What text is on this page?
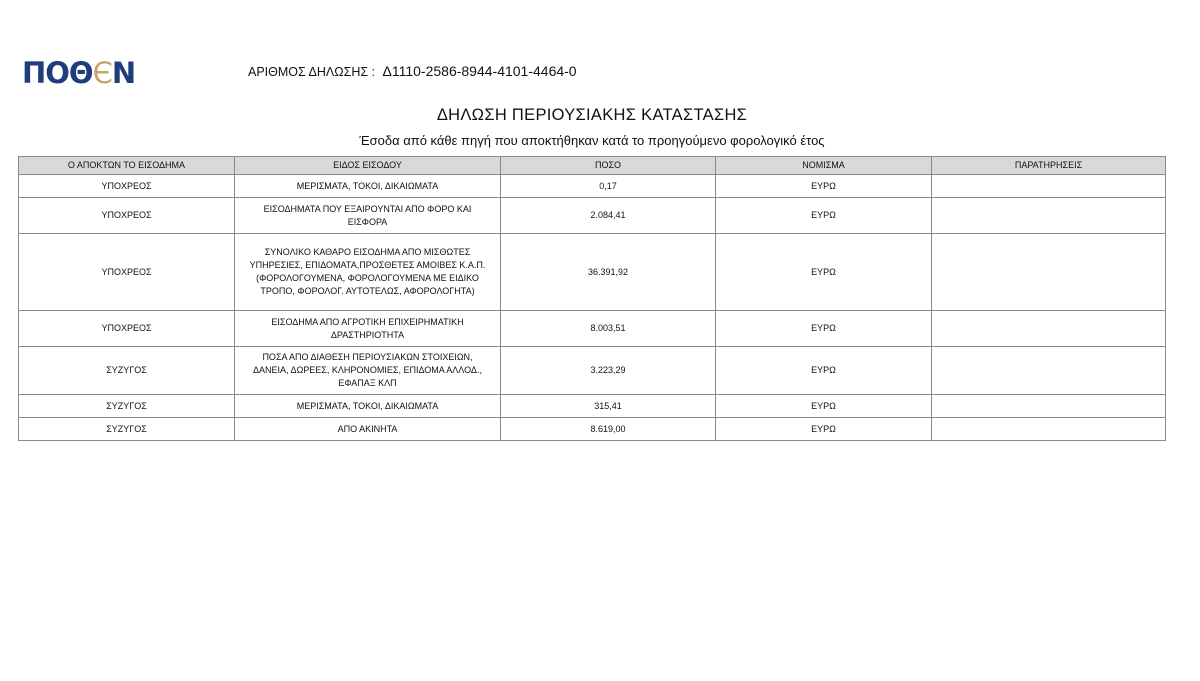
ΠΟΘЄΝ	ΑΡΙΘΜΟΣ ΔΗΛΩΣΗΣ : Δ1110-2586-8944-4101-4464-0
ΔΗΛΩΣΗ ΠΕΡΙΟΥΣΙΑΚΗΣ ΚΑΤΑΣΤΑΣΗΣ
Έσοδα από κάθε πηγή που αποκτήθηκαν κατά το προηγούμενο φορολογικό έτος
Ο ΑΠΟΚΤΩΝ ΤΟ ΕΙΣΟΔΗΜΑ	ΕΙΔΟΣ ΕΙΣΟΔΟΥ	ΠΟΣΟ	ΝΟΜΙΣΜΑ	ΠΑΡΑΤΗΡΗΣΕΙΣ
ΥΠΟΧΡΕΟΣ	ΜΕΡΙΣΜΑΤΑ, ΤΟΚΟΙ, ΔΙΚΑΙΩΜΑΤΑ	0,17	ΕΥΡΩ	
ΥΠΟΧΡΕΟΣ	ΕΙΣΟΔΗΜΑΤΑ ΠΟΥ ΕΞΑΙΡΟΥΝΤΑΙ ΑΠΟ ΦΟΡΟ ΚΑΙ ΕΙΣΦΟΡΑ	2.084,41	ΕΥΡΩ	
ΥΠΟΧΡΕΟΣ	ΣΥΝΟΛΙΚΟ ΚΑΘΑΡΟ ΕΙΣΟΔΗΜΑ ΑΠΟ ΜΙΣΘΩΤΕΣ ΥΠΗΡΕΣΙΕΣ, ΕΠΙΔΟΜΑΤΑ,ΠΡΟΣΘΕΤΕΣ ΑΜΟΙΒΕΣ Κ.Α.Π.(ΦΟΡΟΛΟΓΟΥΜΕΝΑ, ΦΟΡΟΛΟΓΟΥΜΕΝΑ ΜΕ ΕΙΔΙΚΟ ΤΡΟΠΟ, ΦΟΡΟΛΟΓ. ΑΥΤΟΤΕΛΩΣ, ΑΦΟΡΟΛΟΓΗΤΑ)	36.391,92	ΕΥΡΩ	
ΥΠΟΧΡΕΟΣ	ΕΙΣΟΔΗΜΑ ΑΠΟ ΑΓΡΟΤΙΚΗ ΕΠΙΧΕΙΡΗΜΑΤΙΚΗ ΔΡΑΣΤΗΡΙΟΤΗΤΑ	8.003,51	ΕΥΡΩ	
ΣΥΖΥΓΟΣ	ΠΟΣΑ ΑΠΟ ΔΙΑΘΕΣΗ ΠΕΡΙΟΥΣΙΑΚΩΝ ΣΤΟΙΧΕΙΩΝ, ΔΑΝΕΙΑ, ΔΩΡΕΕΣ, ΚΛΗΡΟΝΟΜΙΕΣ, ΕΠΙΔΟΜΑ ΑΛΛΟΔ., ΕΦΑΠΑΞ ΚΛΠ	3.223,29	ΕΥΡΩ	
ΣΥΖΥΓΟΣ	ΜΕΡΙΣΜΑΤΑ, ΤΟΚΟΙ, ΔΙΚΑΙΩΜΑΤΑ	315,41	ΕΥΡΩ	
ΣΥΖΥΓΟΣ	ΑΠΟ ΑΚΙΝΗΤΑ	8.619,00	ΕΥΡΩ	
